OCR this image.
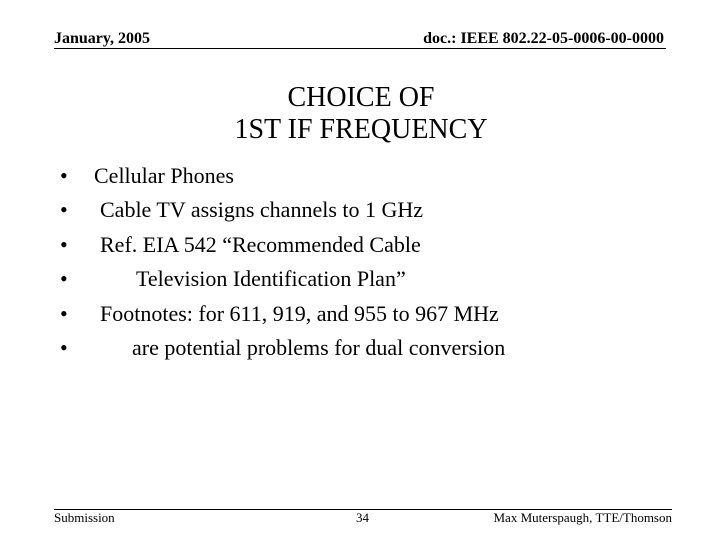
January, 2005	doc.: IEEE 802.22-05-0006-00-0000
CHOICE OF
1ST IF FREQUENCY
• Cellular Phones
• Cable TV assigns channels to 1 GHz
• Ref. EIA 542 “Recommended Cable
•	Television Identification Plan”
• Footnotes: for 611, 919, and 955 to 967 MHz
•	are potential problems for dual conversion
Submission	34	Max Muterspaugh, TTE/Thomson
